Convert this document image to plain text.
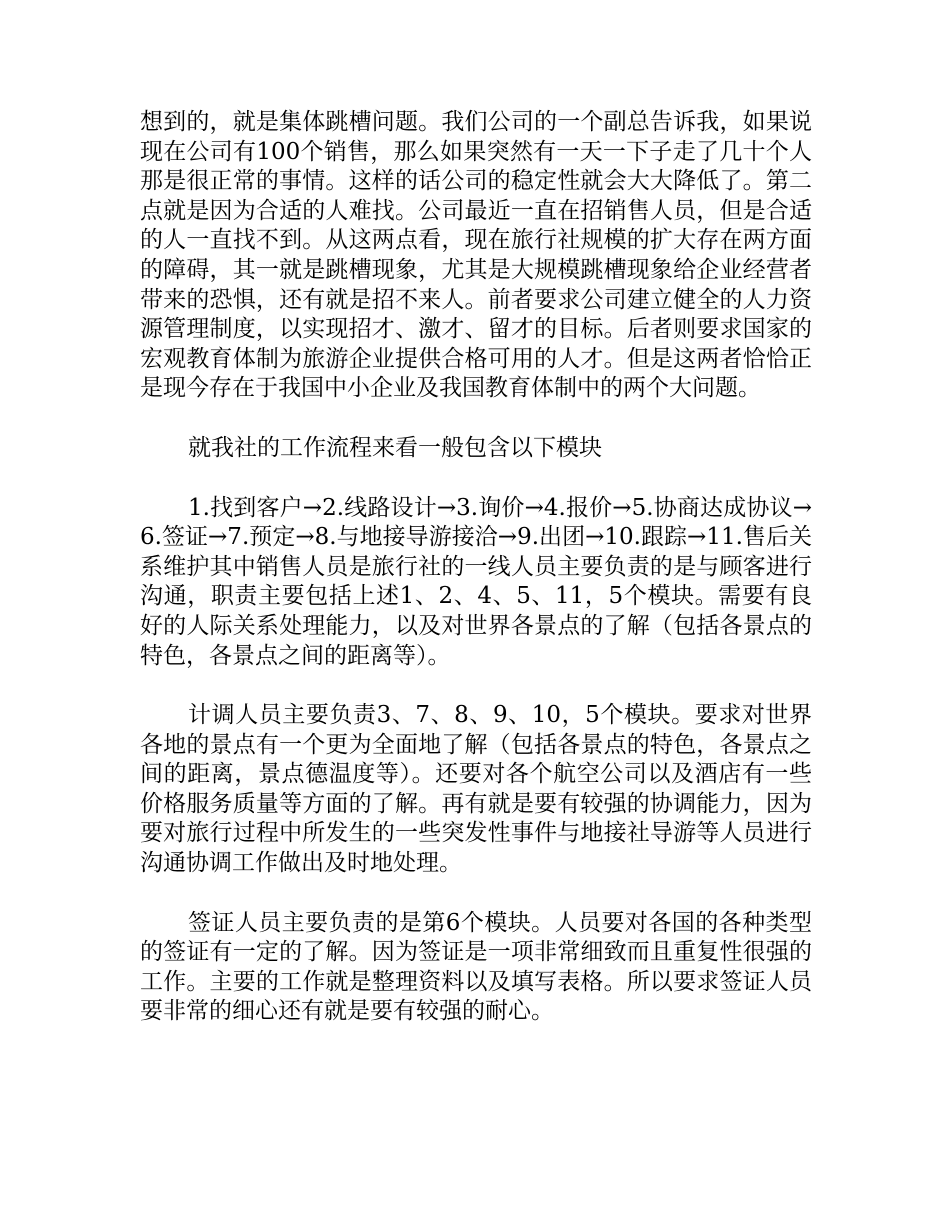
想到的，就是集体跳槽问题。我们公司的一个副总告诉我，如果说现在公司有100个销售，那么如果突然有一天一下子走了几十个人那是很正常的事情。这样的话公司的稳定性就会大大降低了。第二点就是因为合适的人难找。公司最近一直在招销售人员，但是合适的人一直找不到。从这两点看，现在旅行社规模的扩大存在两方面的障碍，其一就是跳槽现象，尤其是大规模跳槽现象给企业经营者带来的恐惧，还有就是招不来人。前者要求公司建立健全的人力资源管理制度，以实现招才、激才、留才的目标。后者则要求国家的宏观教育体制为旅游企业提供合格可用的人才。但是这两者恰恰正是现今存在于我国中小企业及我国教育体制中的两个大问题。

就我社的工作流程来看一般包含以下模块

1.找到客户→2.线路设计→3.询价→4.报价→5.协商达成协议→6.签证→7.预定→8.与地接导游接洽→9.出团→10.跟踪→11.售后关系维护其中销售人员是旅行社的一线人员主要负责的是与顾客进行沟通，职责主要包括上述1、2、4、5、11，5个模块。需要有良好的人际关系处理能力，以及对世界各景点的了解（包括各景点的特色，各景点之间的距离等）。

计调人员主要负责3、7、8、9、10，5个模块。要求对世界各地的景点有一个更为全面地了解（包括各景点的特色，各景点之间的距离，景点德温度等）。还要对各个航空公司以及酒店有一些价格服务质量等方面的了解。再有就是要有较强的协调能力，因为要对旅行过程中所发生的一些突发性事件与地接社导游等人员进行沟通协调工作做出及时地处理。

签证人员主要负责的是第6个模块。人员要对各国的各种类型的签证有一定的了解。因为签证是一项非常细致而且重复性很强的工作。主要的工作就是整理资料以及填写表格。所以要求签证人员要非常的细心还有就是要有较强的耐心。
